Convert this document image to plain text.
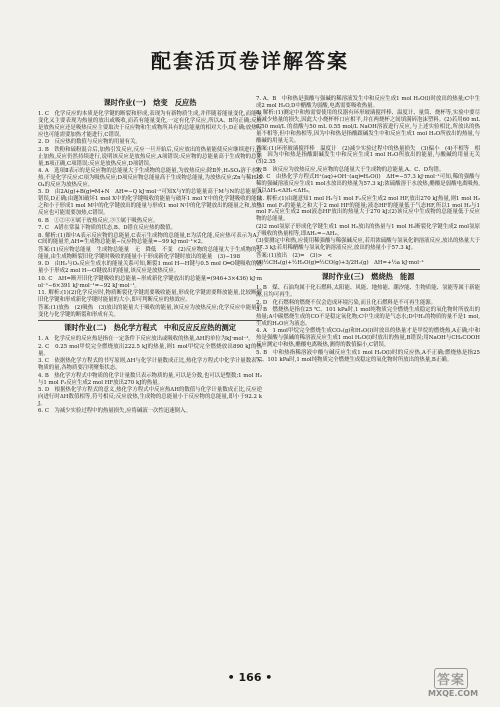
配套活页卷详解答案
课时作业(一)　焓变　反应热
1. C　化学反应的本质是化学键的断裂和形成,表现为有新物质生成,并伴随着能量变化,而能量变化又主要表现为热量的放出或吸收,而若有能量变化,一定有化学反应,所以A、B均正确;反应是放热反应还是吸热反应主要取决于反应物和生成物所具有的总能量的相对大小,D正确;放热反应也可能需要加热才能进行,C错误。
2. D　反应热的数值与反应物的用量有关。
3. B　铁粉和硫粉混合后,加热引发反应,反应一旦开始后,反应放出的热量能使反应继续进行,停止加热,反应仍然持续进行,说明该反应是放热反应,A项错误;反应物的总能量高于生成物的总能量,B项正确,C项错误;反应是放热反应,D项错误。
4. A　选项Ⅱ表示的是反应物的总能量大于生成物的总能量,为放热反应;除Ⅱ外,H₂SO₄溶于水放热,不是化学反应;C项为吸热反应;D项反应物总能量高于生成物总能量,为放热反应;Zn与稀H₂SO₄的反应为放热反应。
5. D　由2A(g)+B(g)═M+N　ΔH=−Q kJ·mol⁻¹可知X与Y的总能量高于M与N的总能量,A错误,D正确;由题知破坏1 mol X中的化学键吸收的能量与破坏1 mol Y中的化学键吸收的能量之和小于形成1 mol M中的化学键放出的能量与形成1 mol N中的化学键放出的能量之和,放热反应也可能需要加热,C错误。
6. B　①②④⑥属于放热反应,③⑤属于吸热反应。
7. C　A错在常温下物质的状态,B、D错在反应热的数值。
8. 解析:(1)图中A表示反应物的总能量,C表示生成物的总能量,E为活化能,反应热可表示为A、C间的能量差,ΔH=生成物总能量−反应物总能量=−99 kJ·mol⁻¹×2。
答案:(1)反应物总能量　生成物总能量　无　降低　不变　(2)反应物的总能量大于生成物的总能量,由生成物断裂旧化学键时吸收的能量小于形成新化学键时放出的能量　(3)−198
9. D　由H₂与O₂反应生成水的能量关系可知,断裂1 mol H—H键与0.5 mol O═O键吸收的能量小于形成2 mol H—O键放出的能量,该反应是放热反应。
10. C　ΔH=断开旧化学键吸收的总能量−形成新化学键放出的总能量=(946+3×436) kJ·mol⁻¹−6×391 kJ·mol⁻¹=−92 kJ·mol⁻¹。
11. 解析:(1)(2)化学反应时,物质断裂化学键需要吸收能量,形成化学键需要释放能量,比较断裂旧化学键和形成新化学键时能量的大小,即可判断反应的热效应。
答案:(1)放热　(2)吸热　(3)放出的能量大于吸收的能量,该反应为放热反应;化学反应中能量的变化与化学键的断裂和形成有关。
课时作业(二)　热化学方程式　中和反应反应热的测定
1. A　化学反应的反应热是指在一定条件下反应放出或吸收的热量,ΔH的单位为kJ·mol⁻¹。
2. C　0.25 mol甲烷完全燃烧放出222.5 kJ的热量,则1 mol甲烷完全燃烧放出890 kJ的热量。
3. C　依据热化学方程式的书写原则,ΔH与化学计量数成正比,热化学方程式中化学计量数表示物质的量,各物质要注明聚集状态。
4. B　热化学方程式中物质的化学计量数只表示物质的量,可以是分数,也可以是整数;1 mol H₂与1 mol F₂反应生成2 mol HF放出270 kJ的热量。
5. D　根据热化学方程式的意义,热化学方程式中反应热ΔH的数值与化学计量数成正比,反应逆向进行时ΔH数值相等,符号相反;反应放热,生成物的总能量小于反应物的总能量,即小于92.2 kJ。
6. C　为减少实验过程中的热量损失,应将碱液一次性迅速倒入。
7. A、B　中和热是强酸与强碱的稀溶液发生中和反应生成1 mol H₂O(l)时放出的热量;C中生成2 mol H₂O,D中醋酸为弱酸,电离需要吸收热量。
8. 解析:(1)测定中和热需要使用的仪器有环形玻璃搅拌棒、温度计、量筒、烧杯等,实验中要尽量减少热量的损失,因此大小烧杯杯口应相平,并在两烧杯之间填满碎泡沫塑料。(2)若用60 mL 0.50 mol/L 的盐酸与50 mL 0.55 mol/L NaOH溶液进行反应,与上述实验相比,所放出的热量不相等,但中和热相等,因为中和热是指酸跟碱发生中和反应生成1 mol H₂O所放出的热量,与酸碱的用量无关。
答案:(1)环形玻璃搅拌棒　温度计　(2)减少实验过程中的热量损失　(3)偏小　(4)不相等　相等　因为中和热是指酸跟碱发生中和反应生成1 mol H₂O所放出的能量,与酸碱的用量无关　(5)2.35
9. B　该反应为放热反应,反应物的总能量大于生成物的总能量,A、C、D均错。
10. C　由热化学方程式H⁺(aq)+OH⁻(aq)═H₂O(l)　ΔH=−57.3 kJ·mol⁻¹可知,稀的强酸与稀的强碱溶液反应生成1 mol水放出的热量为57.3 kJ;浓硫酸溶于水放热,醋酸是弱酸电离吸热,所以ΔH₂<ΔH₁<ΔH₃。
11. 解析:(1)由题意知1 mol H₂与1 mol F₂反应生成2 mol HF,放出270 kJ热量,则1 mol H₂与1 mol F₂的能量之和大于2 mol HF的能量;液态HF的能量低于气态HF,所以1 mol H₂与1 mol F₂反应生成2 mol液态HF放出的热量大于270 kJ;(2)该反应中生成物的总能量低于反应物的总能量。
(2)2 mol氢原子形成化学键生成1 mol H₂放出的热量与1 mol H₂断裂化学键生成2 mol氢原子吸收的热量相等,即ΔH₁=−ΔH₂。
(3)要测定中和热,应使用稀强酸与稀强碱反应,若用浓硫酸与氢氧化钠溶液反应,放出的热量大于57.3 kJ;若用稀醋酸与氢氧化钠溶液反应,放出的热量小于57.3 kJ。
答案:(1)放出　(2)=　(3)>　<
(4)½CH₄(g)+½H₂O(g)═½CO(g)+3/2H₂(g)　ΔH=+½a kJ·mol⁻¹
课时作业(三)　燃烧热　能源
1. B　煤、石油均属于化石燃料,太阳能、风能、地热能、潮汐能、生物质能、氢能等属于新能源,且均可再生。
2. D　化石燃料的燃烧不仅会造成环境污染,而且化石燃料是不可再生能源。
3. B　燃烧热是指在25 ℃、101 kPa时,1 mol纯物质完全燃烧生成稳定的氧化物时所放出的热量;A中碳燃烧生成的CO不是稳定氧化物;C中生成的是气态水;D中H₂的物质的量不是1 mol,生成的H₂O应为液态。
4. A　1 mol甲烷完全燃烧生成CO₂(g)和H₂O(l)时放出的热量才是甲烷的燃烧热,A正确;中和热是强酸与强碱的稀溶液反应生成1 mol H₂O(l)时放出的热量,B错误;用NaOH与CH₃COOH反应测定中和热,醋酸电离吸热,测得的数值偏小,C错误。
5. B　中和热指稀溶液中酸与碱反应生成1 mol H₂O(l)时的反应热,A不正确;燃烧热是指25 ℃、101 kPa时,1 mol纯物质完全燃烧生成稳定的氧化物时所放出的热量,B正确。
• 166 •	答案
MXQE.COM
